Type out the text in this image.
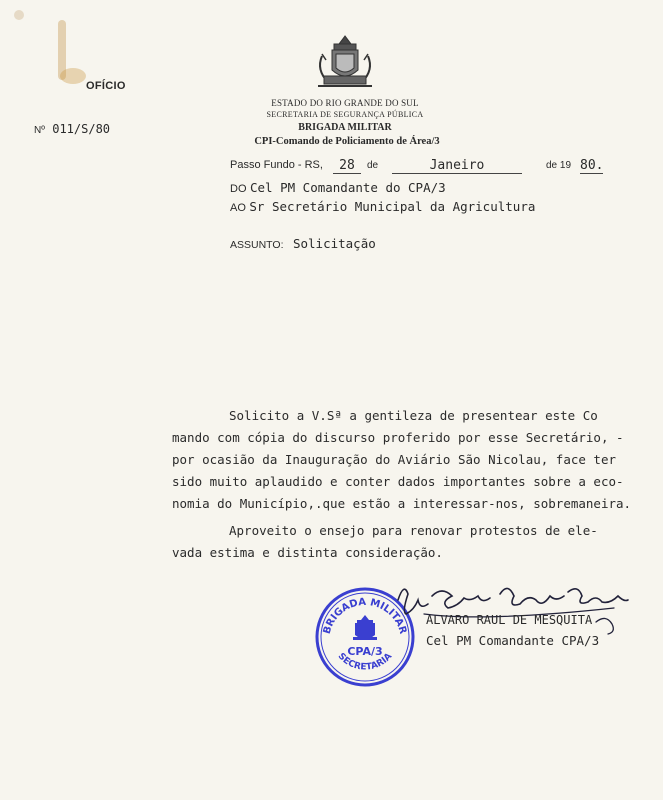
OFÍCIO
Nº 011/S/80
ESTADO DO RIO GRANDE DO SUL
SECRETARIA DE SEGURANÇA PÚBLICA
BRIGADA MILITAR
CPI-Comando de Policiamento de Área/3
Passo Fundo - RS,	28	de	Janeiro	de 19 80.
DO Cel PM Comandante do CPA/3
AO Sr Secretário Municipal da Agricultura
ASSUNTO: Solicitação
Solicito a V.Sª a gentileza de presentear este Co
mando com cópia do discurso proferido por esse Secretário, -
por ocasião da Inauguração do Aviário São Nicolau, face ter
sido muito aplaudido e conter dados importantes sobre a eco-
nomia do Município,.que estão a interessar-nos, sobremaneira.
Aproveito o ensejo para renovar protestos de ele-
vada estima e distinta consideração.
BRIGADA MILITAR
SECRETARIA
CPA/3
ALVARO RAUL DE MESQUITA
Cel PM Comandante CPA/3
